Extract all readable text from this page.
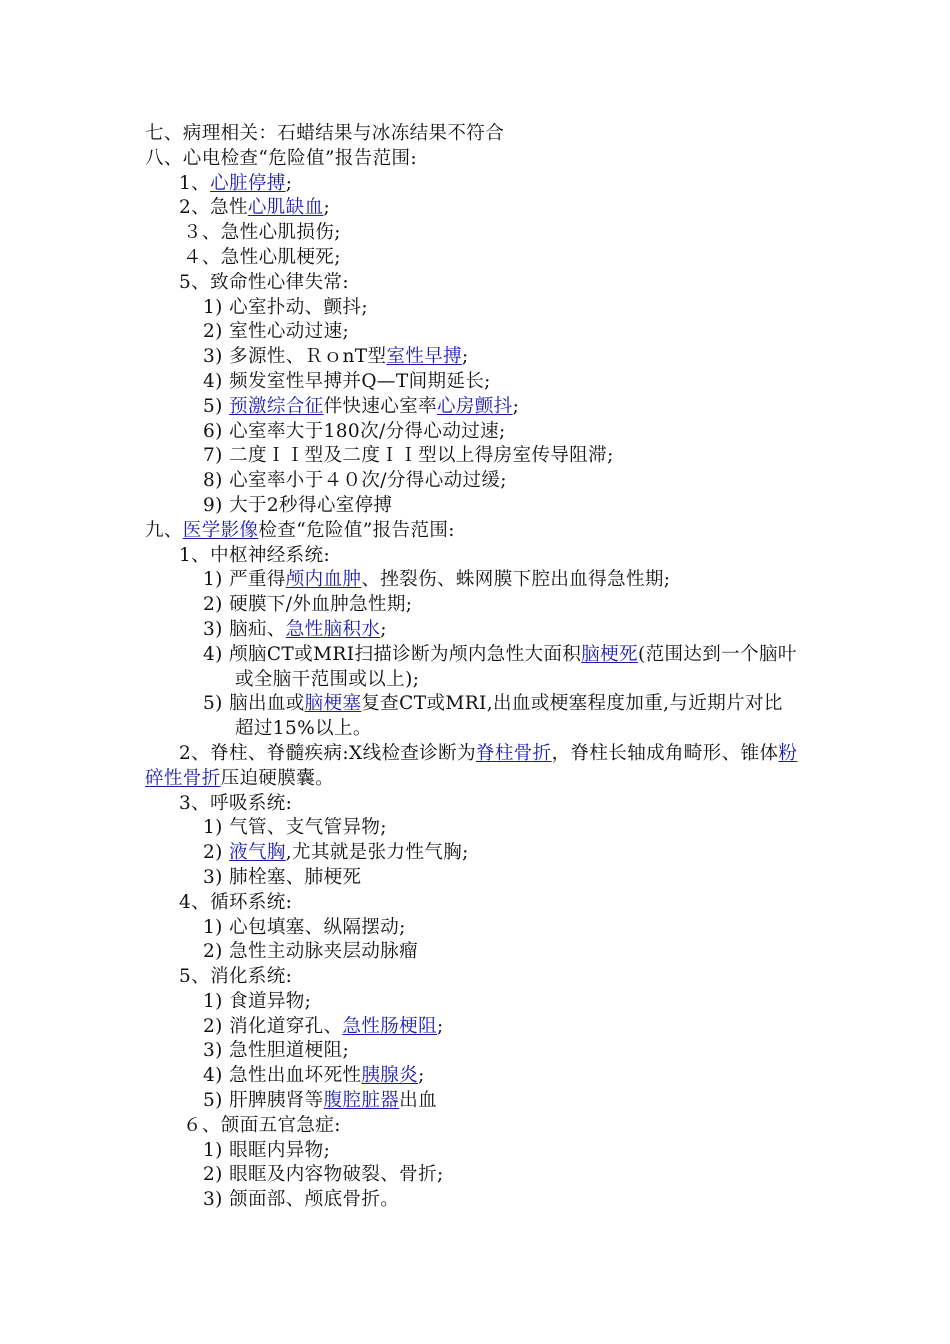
七、病理相关：石蜡结果与冰冻结果不符合
八、心电检查“危险值”报告范围:
1、心脏停搏;
2、急性心肌缺血;
３、急性心肌损伤;
４、急性心肌梗死;
5、致命性心律失常:
1) 心室扑动、颤抖;
2) 室性心动过速;
3) 多源性、ＲｏnT型室性早搏;
4) 频发室性早搏并Q—T间期延长;
5) 预激综合征伴快速心室率心房颤抖;
6) 心室率大于180次/分得心动过速;
7) 二度ＩＩ型及二度ＩＩ型以上得房室传导阻滞;
8) 心室率小于４０次/分得心动过缓;
9) 大于2秒得心室停搏
九、医学影像检查“危险值”报告范围:
1、中枢神经系统:
1) 严重得颅内血肿、挫裂伤、蛛网膜下腔出血得急性期;
2) 硬膜下/外血肿急性期;
3) 脑疝、急性脑积水;
4) 颅脑CT或MRI扫描诊断为颅内急性大面积脑梗死(范围达到一个脑叶或全脑干范围或以上);
5) 脑出血或脑梗塞复查CT或MRI,出血或梗塞程度加重,与近期片对比超过15%以上。
2、脊柱、脊髓疾病:X线检查诊断为脊柱骨折，脊柱长轴成角畸形、锥体粉碎性骨折压迫硬膜囊。
3、呼吸系统:
1) 气管、支气管异物;
2) 液气胸,尤其就是张力性气胸;
3) 肺栓塞、肺梗死
4、循环系统:
1) 心包填塞、纵隔摆动;
2) 急性主动脉夹层动脉瘤
5、消化系统:
1) 食道异物;
2) 消化道穿孔、急性肠梗阻;
3) 急性胆道梗阻;
4) 急性出血坏死性胰腺炎;
5) 肝脾胰肾等腹腔脏器出血
６、颌面五官急症:
1) 眼眶内异物;
2) 眼眶及内容物破裂、骨折;
3) 颌面部、颅底骨折。
